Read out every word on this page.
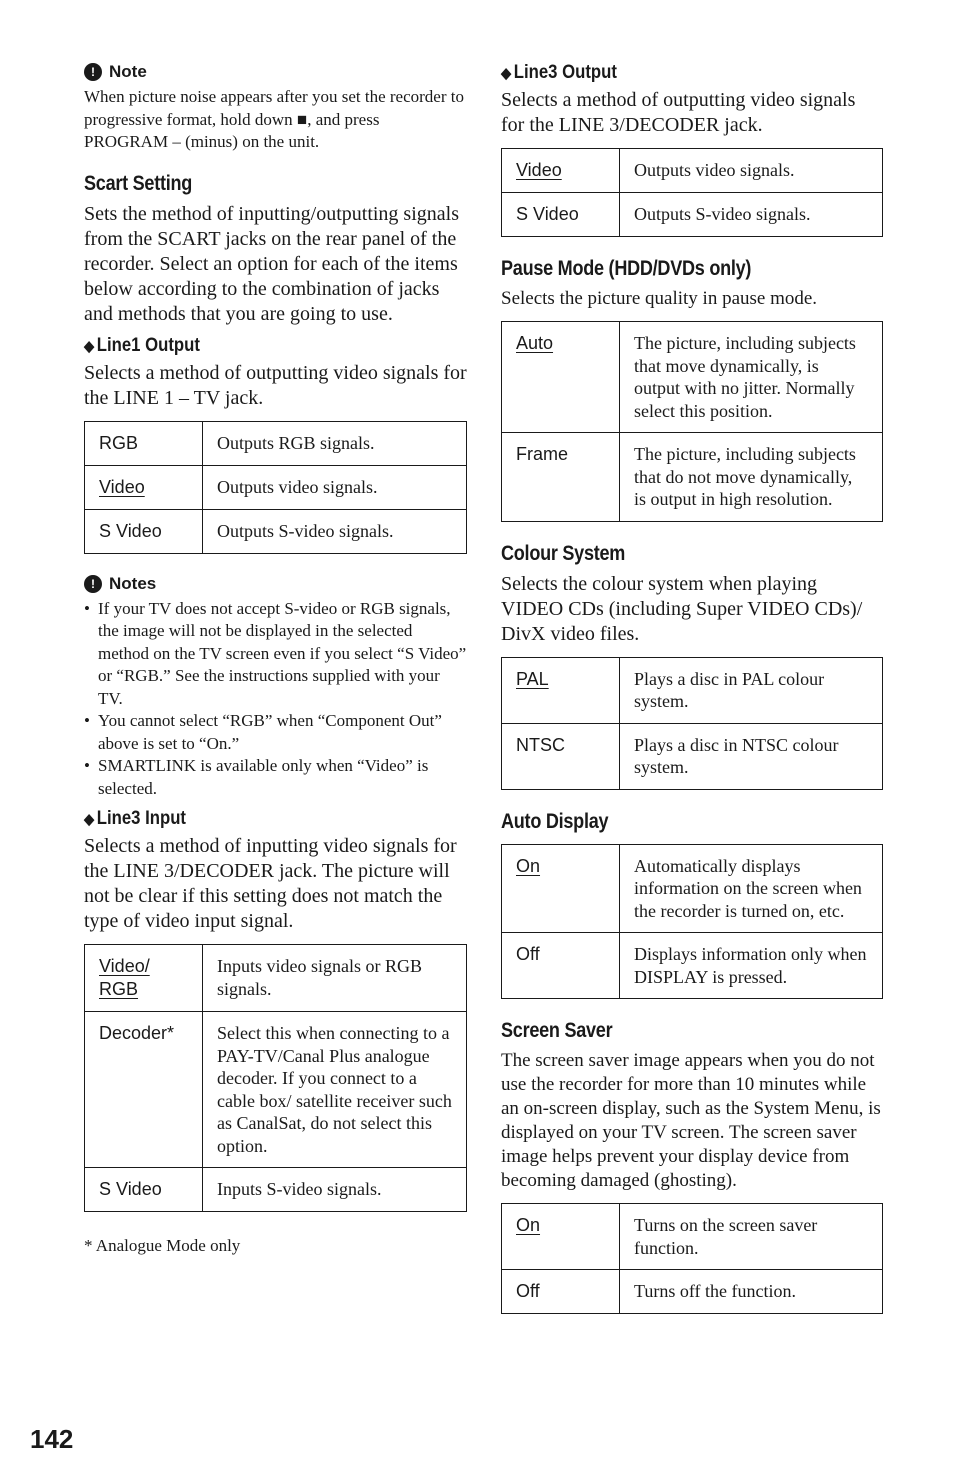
! Note

When picture noise appears after you set the recorder to progressive format, hold down ■, and press PROGRAM – (minus) on the unit.

Scart Setting

Sets the method of inputting/outputting signals from the SCART jacks on the rear panel of the recorder. Select an option for each of the items below according to the combination of jacks and methods that you are going to use.

◆ Line1 Output

Selects a method of outputting video signals for the LINE 1 – TV jack.

RGB	Outputs RGB signals.
Video	Outputs video signals.
S Video	Outputs S-video signals.
! Notes
• If your TV does not accept S-video or RGB signals, the image will not be displayed in the selected method on the TV screen even if you select “S Video” or “RGB.” See the instructions supplied with your TV.
• You cannot select “RGB” when “Component Out” above is set to “On.”
• SMARTLINK is available only when “Video” is selected.
◆ Line3 Input

Selects a method of inputting video signals for the LINE 3/DECODER jack. The picture will not be clear if this setting does not match the type of video input signal.

Video/ RGB	Inputs video signals or RGB signals.
Decoder*	Select this when connecting to a PAY-TV/Canal Plus analogue decoder. If you connect to a cable box/ satellite receiver such as CanalSat, do not select this option.
S Video	Inputs S-video signals.

* Analogue Mode only

◆ Line3 Output

Selects a method of outputting video signals for the LINE 3/DECODER jack.

Video	Outputs video signals.
S Video	Outputs S-video signals.
Pause Mode (HDD/DVDs only)

Selects the picture quality in pause mode.

Auto	The picture, including subjects that move dynamically, is output with no jitter. Normally select this position.
Frame	The picture, including subjects that do not move dynamically, is output in high resolution.
Colour System

Selects the colour system when playing VIDEO CDs (including Super VIDEO CDs)/ DivX video files.

PAL	Plays a disc in PAL colour system.
NTSC	Plays a disc in NTSC colour system.
Auto Display
On	Automatically displays information on the screen when the recorder is turned on, etc.
Off	Displays information only when DISPLAY is pressed.
Screen Saver

The screen saver image appears when you do not use the recorder for more than 10 minutes while an on-screen display, such as the System Menu, is displayed on your TV screen. The screen saver image helps prevent your display device from becoming damaged (ghosting).

On	Turns on the screen saver function.
Off	Turns off the function.
142
